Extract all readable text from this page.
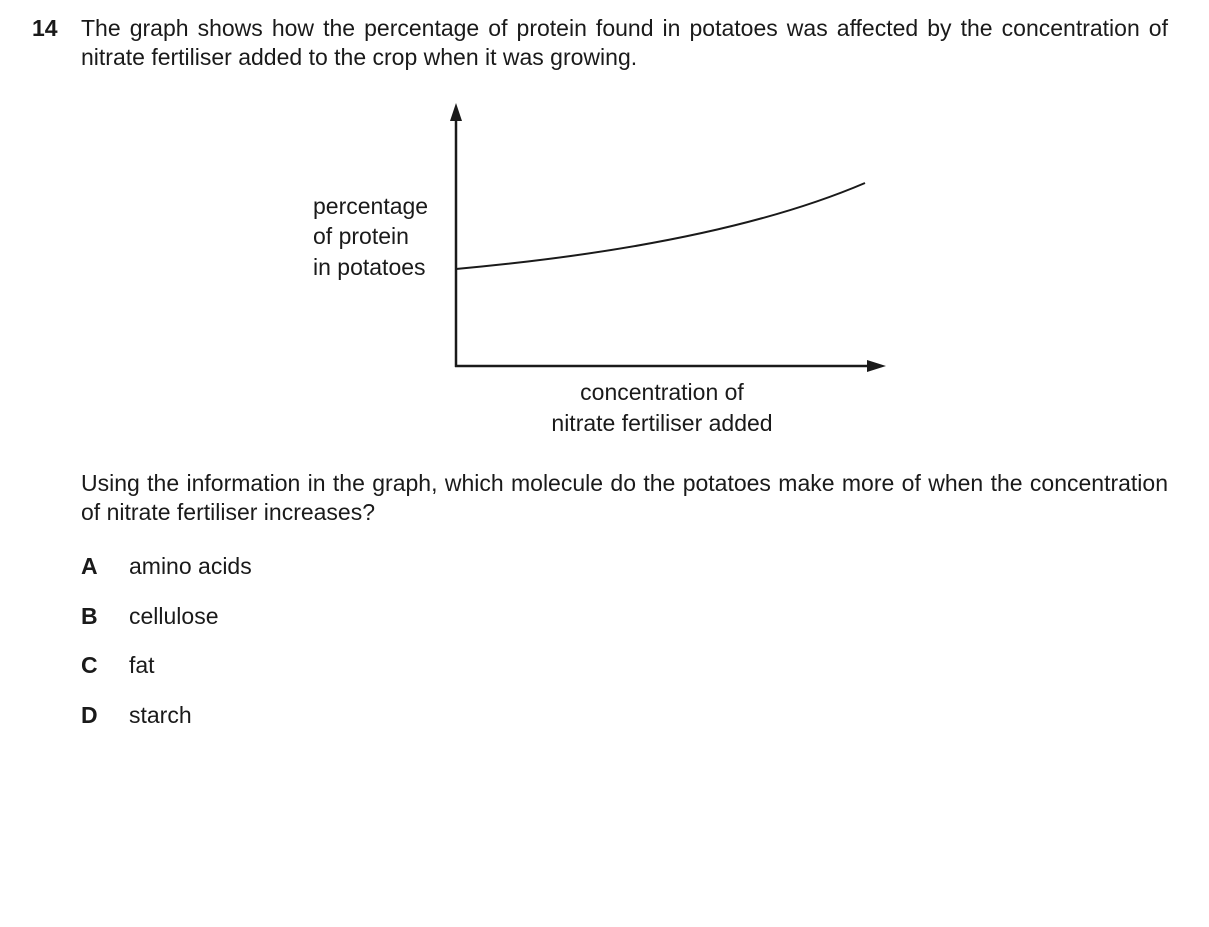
14 The graph shows how the percentage of protein found in potatoes was affected by the concentration of nitrate fertiliser added to the crop when it was growing.

percentage
of protein
in potatoes
concentration of
nitrate fertiliser added

Using the information in the graph, which molecule do the potatoes make more of when the concentration of nitrate fertiliser increases?

A	amino acids
B	cellulose
C	fat
D	starch
